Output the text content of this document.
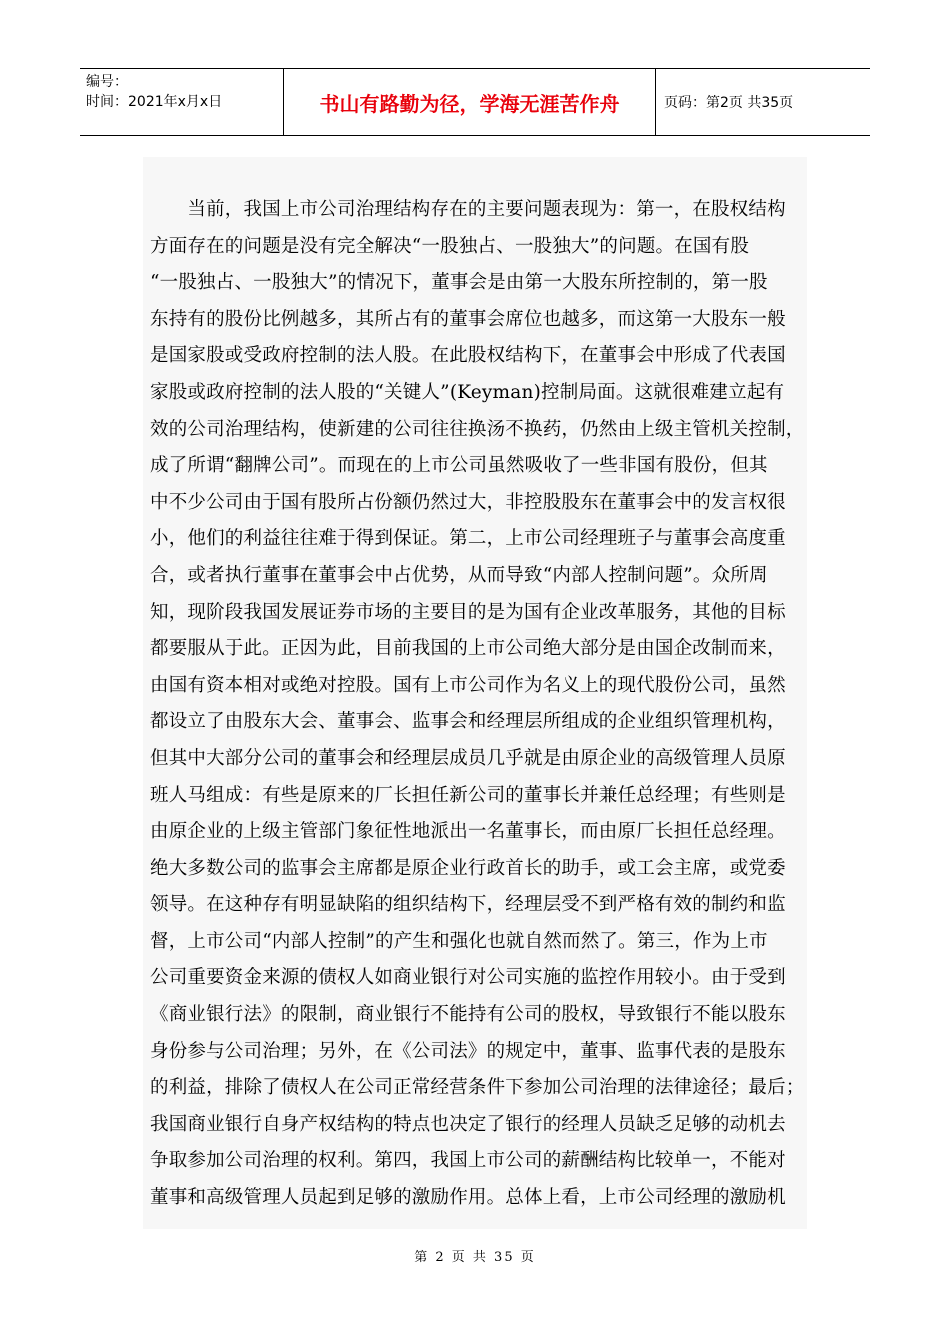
编号：
时间：2021年x月x日	书山有路勤为径，学海无涯苦作舟	页码：第2页 共35页
　　当前，我国上市公司治理结构存在的主要问题表现为：第一，在股权结构
方面存在的问题是没有完全解决“一股独占、一股独大”的问题。在国有股
“一股独占、一股独大”的情况下，董事会是由第一大股东所控制的，第一股
东持有的股份比例越多，其所占有的董事会席位也越多，而这第一大股东一般
是国家股或受政府控制的法人股。在此股权结构下，在董事会中形成了代表国
家股或政府控制的法人股的“关键人”(Keyman)控制局面。这就很难建立起有
效的公司治理结构，使新建的公司往往换汤不换药，仍然由上级主管机关控制，
成了所谓“翻牌公司”。而现在的上市公司虽然吸收了一些非国有股份，但其
中不少公司由于国有股所占份额仍然过大，非控股股东在董事会中的发言权很
小，他们的利益往往难于得到保证。第二，上市公司经理班子与董事会高度重
合，或者执行董事在董事会中占优势，从而导致“内部人控制问题”。众所周
知，现阶段我国发展证券市场的主要目的是为国有企业改革服务，其他的目标
都要服从于此。正因为此，目前我国的上市公司绝大部分是由国企改制而来，
由国有资本相对或绝对控股。国有上市公司作为名义上的现代股份公司，虽然
都设立了由股东大会、董事会、监事会和经理层所组成的企业组织管理机构，
但其中大部分公司的董事会和经理层成员几乎就是由原企业的高级管理人员原
班人马组成：有些是原来的厂长担任新公司的董事长并兼任总经理；有些则是
由原企业的上级主管部门象征性地派出一名董事长，而由原厂长担任总经理。
绝大多数公司的监事会主席都是原企业行政首长的助手，或工会主席，或党委
领导。在这种存有明显缺陷的组织结构下，经理层受不到严格有效的制约和监
督，上市公司“内部人控制”的产生和强化也就自然而然了。第三，作为上市
公司重要资金来源的债权人如商业银行对公司实施的监控作用较小。由于受到
《商业银行法》的限制，商业银行不能持有公司的股权，导致银行不能以股东
身份参与公司治理；另外，在《公司法》的规定中，董事、监事代表的是股东
的利益，排除了债权人在公司正常经营条件下参加公司治理的法律途径；最后；
我国商业银行自身产权结构的特点也决定了银行的经理人员缺乏足够的动机去
争取参加公司治理的权利。第四，我国上市公司的薪酬结构比较单一，不能对
董事和高级管理人员起到足够的激励作用。总体上看，上市公司经理的激励机
第 2 页 共 35 页
